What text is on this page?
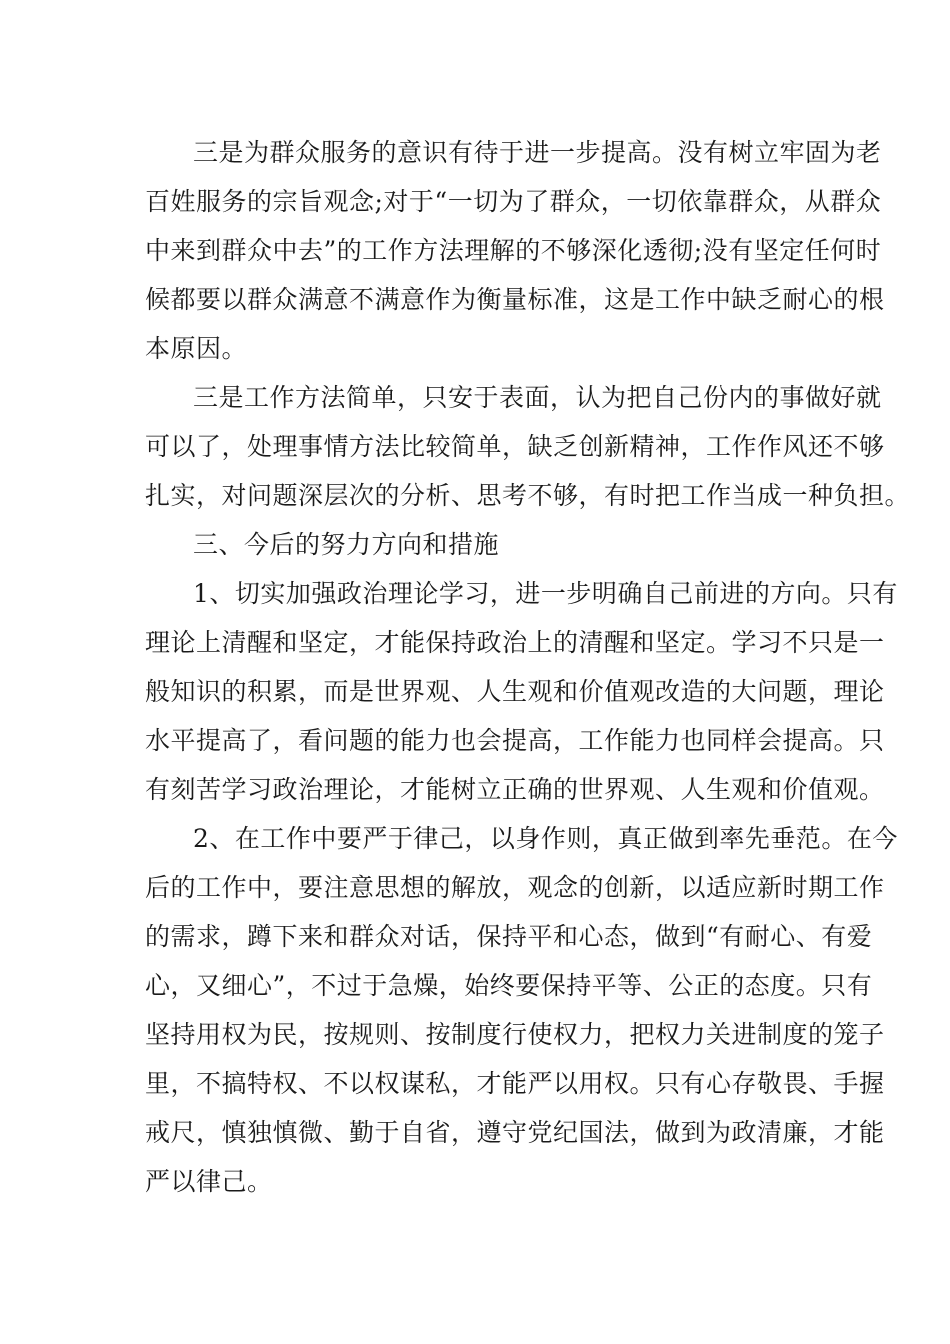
三是为群众服务的意识有待于进一步提高。没有树立牢固为老
百姓服务的宗旨观念;对于“一切为了群众，一切依靠群众，从群众
中来到群众中去”的工作方法理解的不够深化透彻;没有坚定任何时
候都要以群众满意不满意作为衡量标准，这是工作中缺乏耐心的根
本原因。

三是工作方法简单，只安于表面，认为把自己份内的事做好就
可以了，处理事情方法比较简单，缺乏创新精神，工作作风还不够
扎实，对问题深层次的分析、思考不够，有时把工作当成一种负担。

三、今后的努力方向和措施

1、切实加强政治理论学习，进一步明确自己前进的方向。只有
理论上清醒和坚定，才能保持政治上的清醒和坚定。学习不只是一
般知识的积累，而是世界观、人生观和价值观改造的大问题，理论
水平提高了，看问题的能力也会提高，工作能力也同样会提高。只
有刻苦学习政治理论，才能树立正确的世界观、人生观和价值观。

2、在工作中要严于律己，以身作则，真正做到率先垂范。在今
后的工作中，要注意思想的解放，观念的创新，以适应新时期工作
的需求，蹲下来和群众对话，保持平和心态，做到“有耐心、有爱
心，又细心”，不过于急燥，始终要保持平等、公正的态度。只有
坚持用权为民，按规则、按制度行使权力，把权力关进制度的笼子
里，不搞特权、不以权谋私，才能严以用权。只有心存敬畏、手握
戒尺，慎独慎微、勤于自省，遵守党纪国法，做到为政清廉，才能
严以律己。
